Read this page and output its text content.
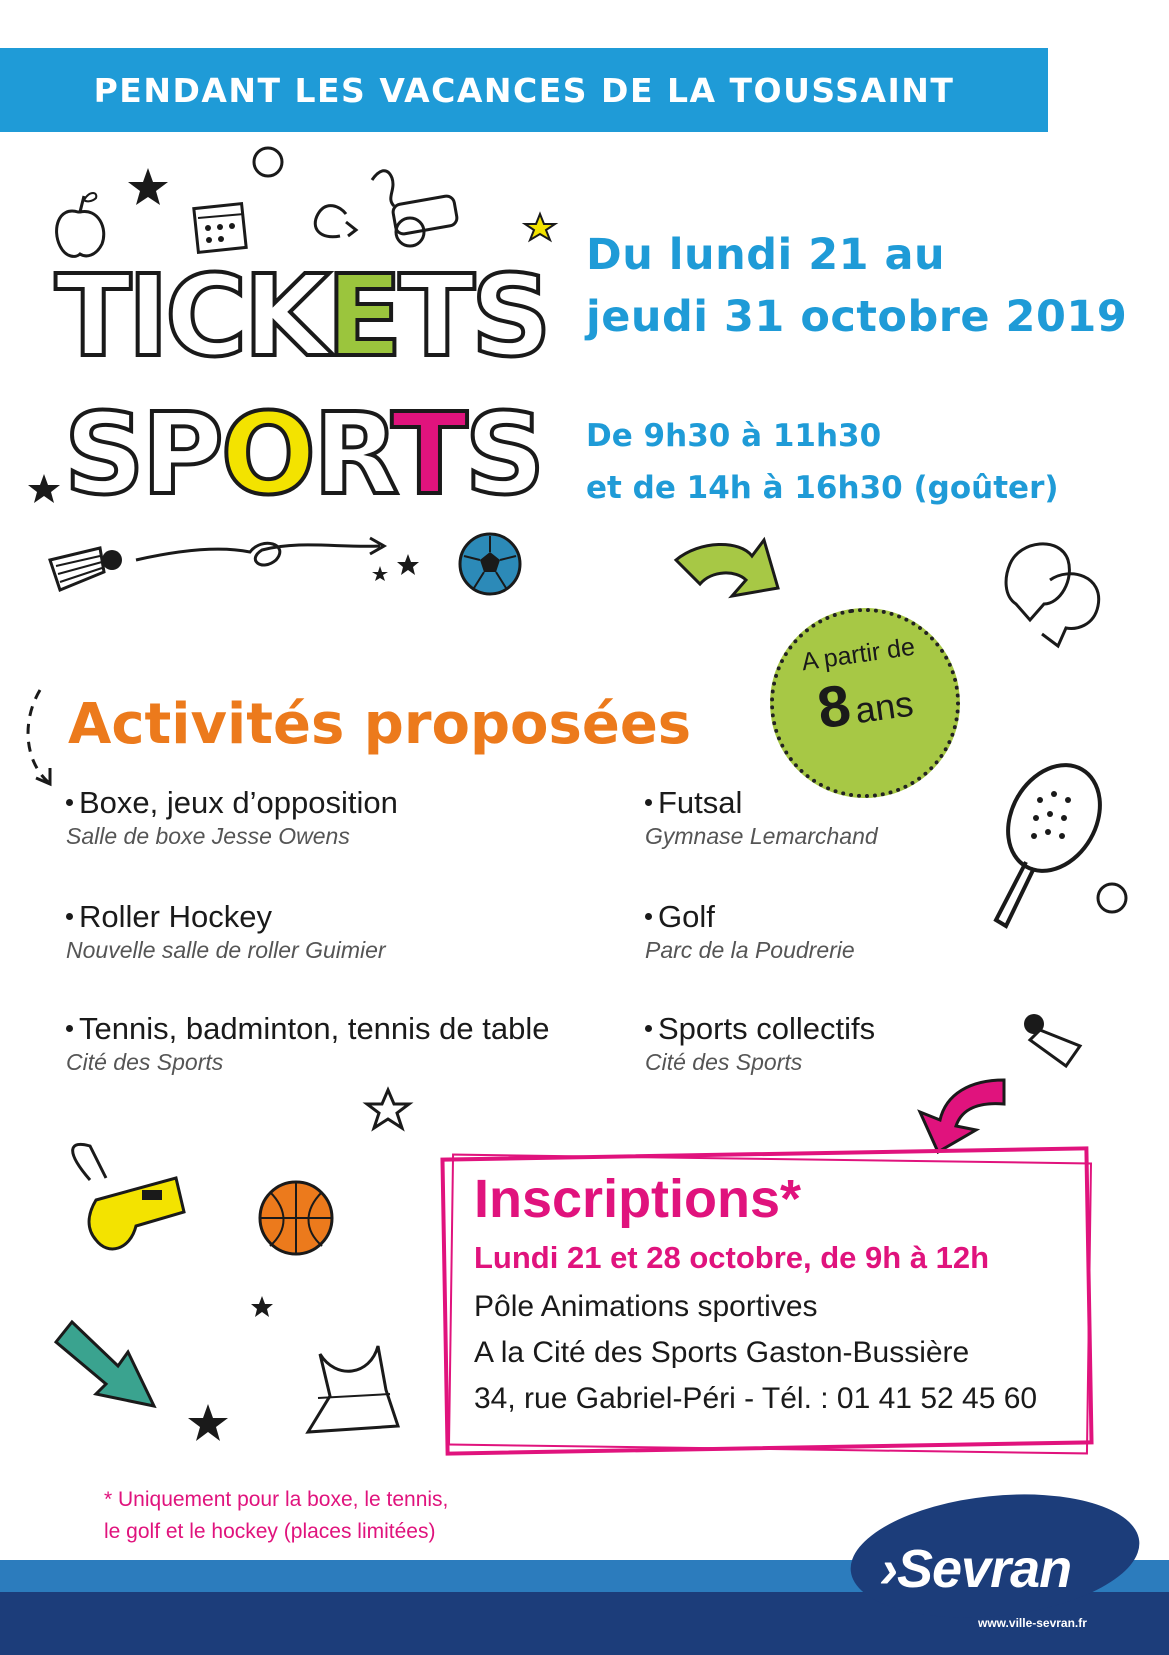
PENDANT LES VACANCES DE LA TOUSSAINT
TICKETS
SPORTS
Du lundi 21 au
jeudi 31 octobre 2019
De 9h30 à 11h30
et de 14h à 16h30 (goûter)
A partir de
8 ans
Activités proposées
Boxe, jeux d’opposition
Salle de boxe Jesse Owens
Futsal
Gymnase Lemarchand
Roller Hockey
Nouvelle salle de roller Guimier
Golf
Parc de la Poudrerie
Tennis, badminton, tennis de table
Cité des Sports
Sports collectifs
Cité des Sports
Inscriptions*
Lundi 21 et 28 octobre, de 9h à 12h
Pôle Animations sportives
A la Cité des Sports Gaston-Bussière
34, rue Gabriel-Péri - Tél. : 01 41 52 45 60
* Uniquement pour la boxe, le tennis,
le golf et le hockey (places limitées)
›Sevran
www.ville-sevran.fr
